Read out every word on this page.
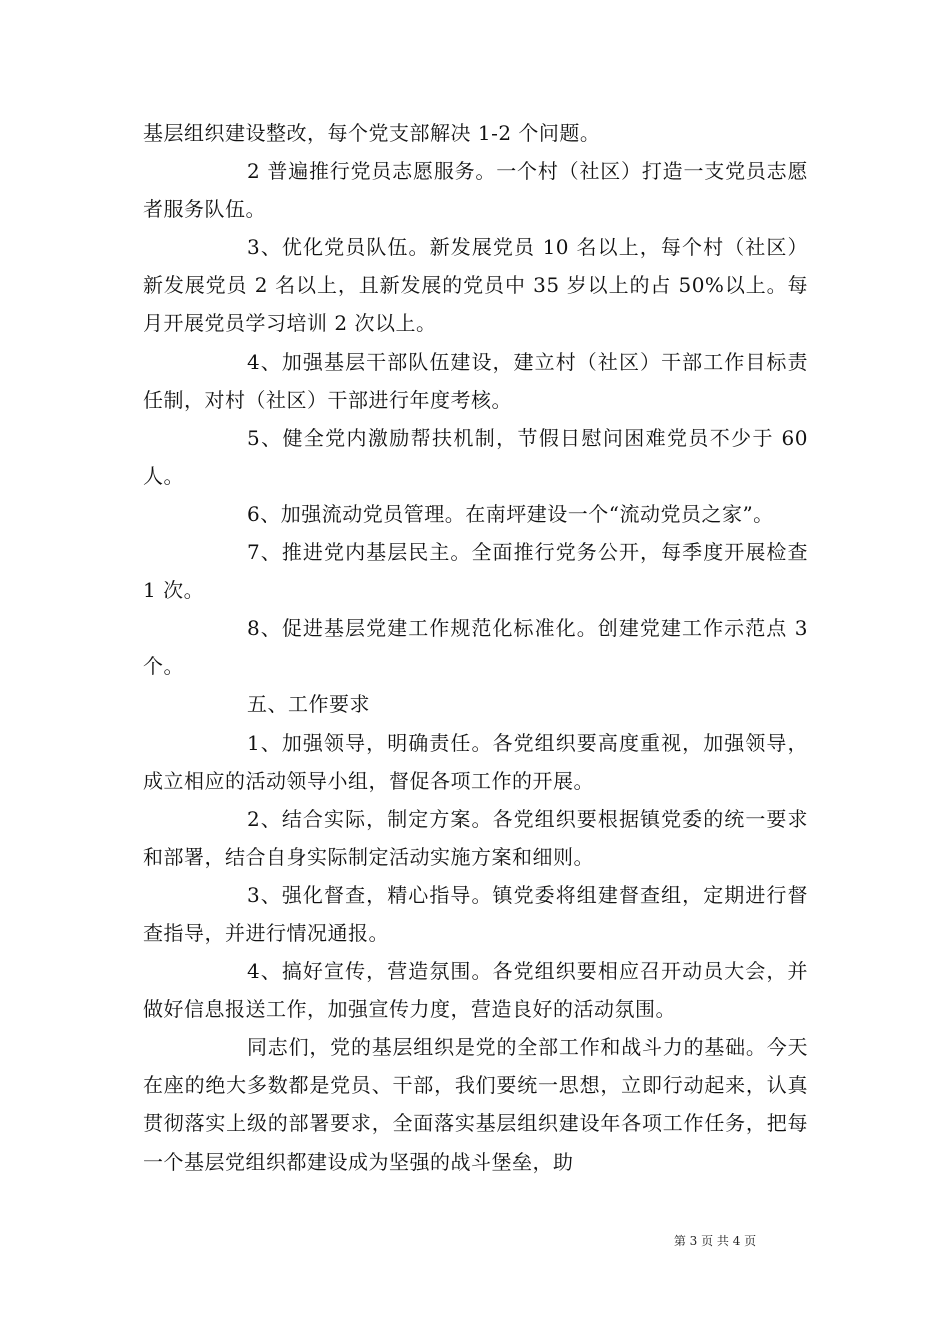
基层组织建设整改，每个党支部解决 1-2 个问题。

2 普遍推行党员志愿服务。一个村（社区）打造一支党员志愿者服务队伍。

3、优化党员队伍。新发展党员 10 名以上，每个村（社区）新发展党员 2 名以上，且新发展的党员中 35 岁以上的占 50%以上。每月开展党员学习培训 2 次以上。

4、加强基层干部队伍建设，建立村（社区）干部工作目标责任制，对村（社区）干部进行年度考核。

5、健全党内激励帮扶机制，节假日慰问困难党员不少于 60 人。

6、加强流动党员管理。在南坪建设一个“流动党员之家”。

7、推进党内基层民主。全面推行党务公开，每季度开展检查 1 次。

8、促进基层党建工作规范化标准化。创建党建工作示范点 3 个。

五、工作要求

1、加强领导，明确责任。各党组织要高度重视，加强领导，成立相应的活动领导小组，督促各项工作的开展。

2、结合实际，制定方案。各党组织要根据镇党委的统一要求和部署，结合自身实际制定活动实施方案和细则。

3、强化督查，精心指导。镇党委将组建督查组，定期进行督查指导，并进行情况通报。

4、搞好宣传，营造氛围。各党组织要相应召开动员大会，并做好信息报送工作，加强宣传力度，营造良好的活动氛围。

同志们，党的基层组织是党的全部工作和战斗力的基础。今天在座的绝大多数都是党员、干部，我们要统一思想，立即行动起来，认真贯彻落实上级的部署要求，全面落实基层组织建设年各项工作任务，把每一个基层党组织都建设成为坚强的战斗堡垒，助

第 3 页 共 4 页
